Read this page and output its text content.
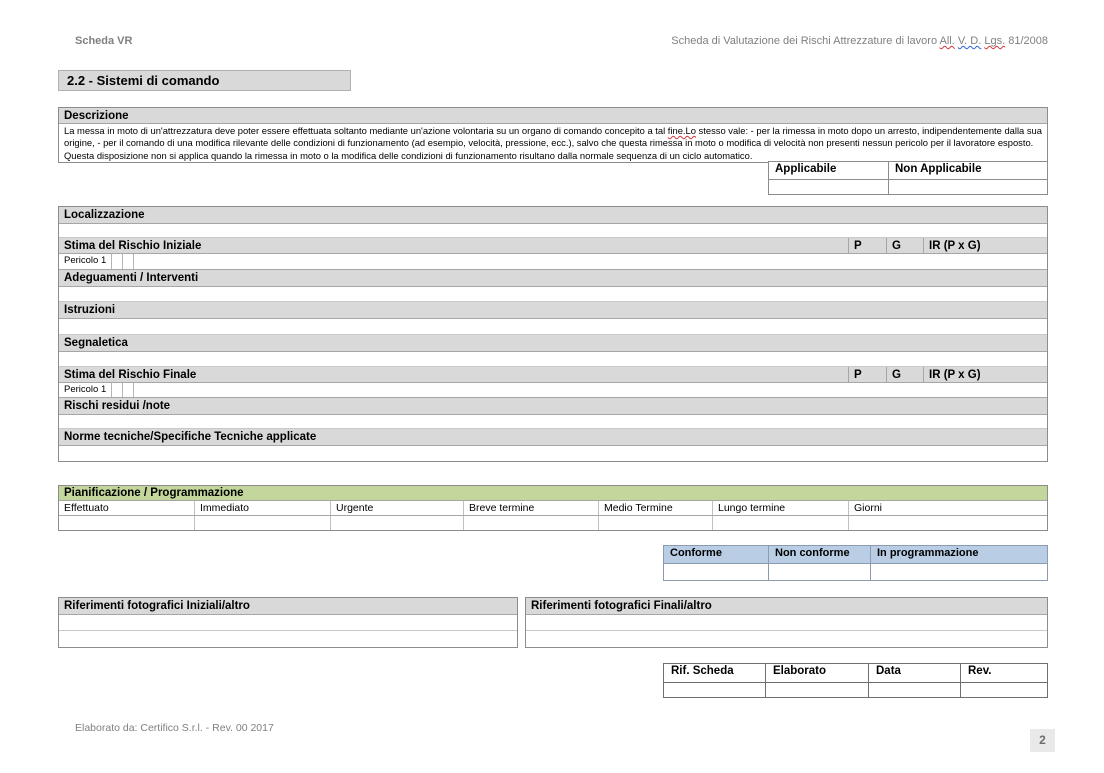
Scheda VR	Scheda di Valutazione dei Rischi Attrezzature di lavoro All. V. D. Lgs. 81/2008
2.2 - Sistemi di comando
Descrizione
La messa in moto di un'attrezzatura deve poter essere effettuata soltanto mediante un'azione volontaria su un organo di comando concepito a tal fine.Lo stesso vale: - per la rimessa in moto dopo un arresto, indipendentemente dalla sua origine, - per il comando di una modifica rilevante delle condizioni di funzionamento (ad esempio, velocità, pressione, ecc.), salvo che questa rimessa in moto o modifica di velocità non presenti nessun pericolo per il lavoratore esposto. Questa disposizione non si applica quando la rimessa in moto o la modifica delle condizioni di funzionamento risultano dalla normale sequenza di un ciclo automatico.
Applicabile	Non Applicabile
Localizzazione
Stima del Rischio Iniziale	P	G	IR (P x G)
Pericolo 1
Adeguamenti / Interventi
Istruzioni
Segnaletica
Stima del Rischio Finale	P	G	IR (P x G)
Pericolo 1
Rischi residui /note
Norme tecniche/Specifiche Tecniche applicate
Pianificazione / Programmazione
Effettuato	Immediato	Urgente	Breve termine	Medio Termine	Lungo termine	Giorni
Conforme	Non conforme	In programmazione
Riferimenti fotografici Iniziali/altro	Riferimenti fotografici Finali/altro
Rif. Scheda	Elaborato	Data	Rev.
Elaborato da: Certifico S.r.l. - Rev. 00 2017
2
